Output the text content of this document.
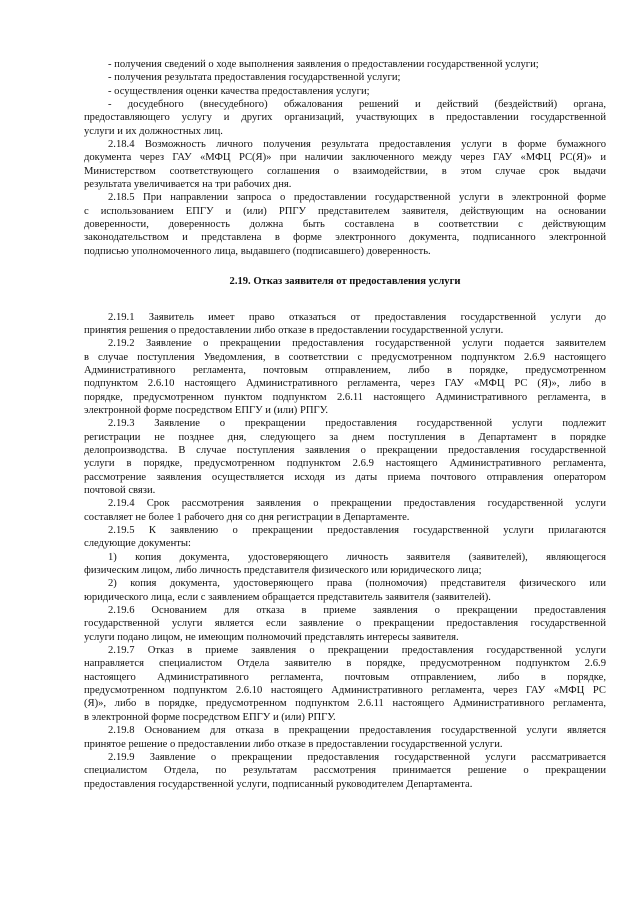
- получения сведений о ходе выполнения заявления о предоставлении государственной услуги;
- получения результата предоставления государственной услуги;
- осуществления оценки качества предоставления услуги;
- досудебного (внесудебного) обжалования решений и действий (бездействий) органа,
предоставляющего услугу и других организаций, участвующих в предоставлении государственной
услуги и их должностных лиц.
2.18.4 Возможность личного получения результата предоставления услуги в форме бумажного
документа через ГАУ «МФЦ РС(Я)» при наличии заключенного между через ГАУ «МФЦ РС(Я)» и
Министерством соответствующего соглашения о взаимодействии, в этом случае срок выдачи
результата увеличивается на три рабочих дня.
2.18.5 При направлении запроса о предоставлении государственной услуги в электронной форме
с использованием ЕПГУ и (или) РПГУ представителем заявителя, действующим на основании
доверенности, доверенность должна быть составлена в соответствии с действующим
законодательством и представлена в форме электронного документа, подписанного электронной
подписью уполномоченного лица, выдавшего (подписавшего) доверенность.
2.19. Отказ заявителя от предоставления услуги
2.19.1 Заявитель имеет право отказаться от предоставления государственной услуги до
принятия решения о предоставлении либо отказе в предоставлении государственной услуги.
2.19.2 Заявление о прекращении предоставления государственной услуги подается заявителем
в случае поступления Уведомления, в соответствии с предусмотренном подпунктом 2.6.9 настоящего
Административного регламента, почтовым отправлением, либо в порядке, предусмотренном
подпунктом 2.6.10 настоящего Административного регламента, через ГАУ «МФЦ РС (Я)», либо в
порядке, предусмотренном пунктом подпунктом 2.6.11 настоящего Административного регламента, в
электронной форме посредством ЕПГУ и (или) РПГУ.
2.19.3 Заявление о прекращении предоставления государственной услуги подлежит
регистрации не позднее дня, следующего за днем поступления в Департамент в порядке
делопроизводства. В случае поступления заявления о прекращении предоставления государственной
услуги в порядке, предусмотренном подпунктом 2.6.9 настоящего Административного регламента,
рассмотрение заявления осуществляется исходя из даты приема почтового отправления оператором
почтовой связи.
2.19.4 Срок рассмотрения заявления о прекращении предоставления государственной услуги
составляет не более 1 рабочего дня со дня регистрации в Департаменте.
2.19.5 К заявлению о прекращении предоставления государственной услуги прилагаются
следующие документы:
1) копия документа, удостоверяющего личность заявителя (заявителей), являющегося
физическим лицом, либо личность представителя физического или юридического лица;
2) копия документа, удостоверяющего права (полномочия) представителя физического или
юридического лица, если с заявлением обращается представитель заявителя (заявителей).
2.19.6 Основанием для отказа в приеме заявления о прекращении предоставления
государственной услуги является если заявление о прекращении предоставления государственной
услуги подано лицом, не имеющим полномочий представлять интересы заявителя.
2.19.7 Отказ в приеме заявления о прекращении предоставления государственной услуги
направляется специалистом Отдела заявителю в порядке, предусмотренном подпунктом 2.6.9
настоящего Административного регламента, почтовым отправлением, либо в порядке,
предусмотренном подпунктом 2.6.10 настоящего Административного регламента, через ГАУ «МФЦ РС
(Я)», либо в порядке, предусмотренном подпунктом 2.6.11 настоящего Административного регламента,
в электронной форме посредством ЕПГУ и (или) РПГУ.
2.19.8 Основанием для отказа в прекращении предоставления государственной услуги является
принятое решение о предоставлении либо отказе в предоставлении государственной услуги.
2.19.9 Заявление о прекращении предоставления государственной услуги рассматривается
специалистом Отдела, по результатам рассмотрения принимается решение о прекращении
предоставления государственной услуги, подписанный руководителем Департамента.
